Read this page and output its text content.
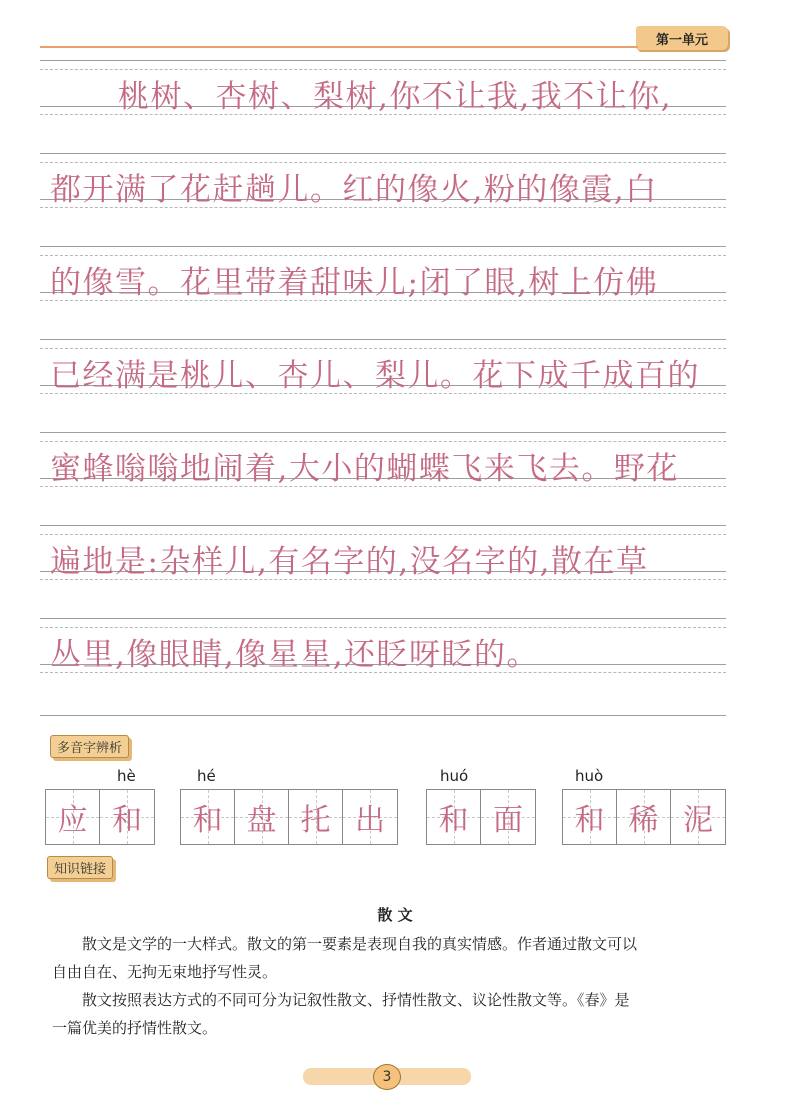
第一单元
桃树、杏树、梨树,你不让我,我不让你,
都开满了花赶趟儿。红的像火,粉的像霞,白
的像雪。花里带着甜味儿;闭了眼,树上仿佛
已经满是桃儿、杏儿、梨儿。花下成千成百的
蜜蜂嗡嗡地闹着,大小的蝴蝶飞来飞去。野花
遍地是:杂样儿,有名字的,没名字的,散在草
丛里,像眼睛,像星星,还眨呀眨的。
多音字辨析
hè	hé	huó	huò
应 和 和 盘 托 出 和 面 和 稀 泥
知识链接
散 文
散文是文学的一大样式。散文的第一要素是表现自我的真实情感。作者通过散文可以
自由自在、无拘无束地抒写性灵。
散文按照表达方式的不同可分为记叙性散文、抒情性散文、议论性散文等。《春》是
一篇优美的抒情性散文。
3
